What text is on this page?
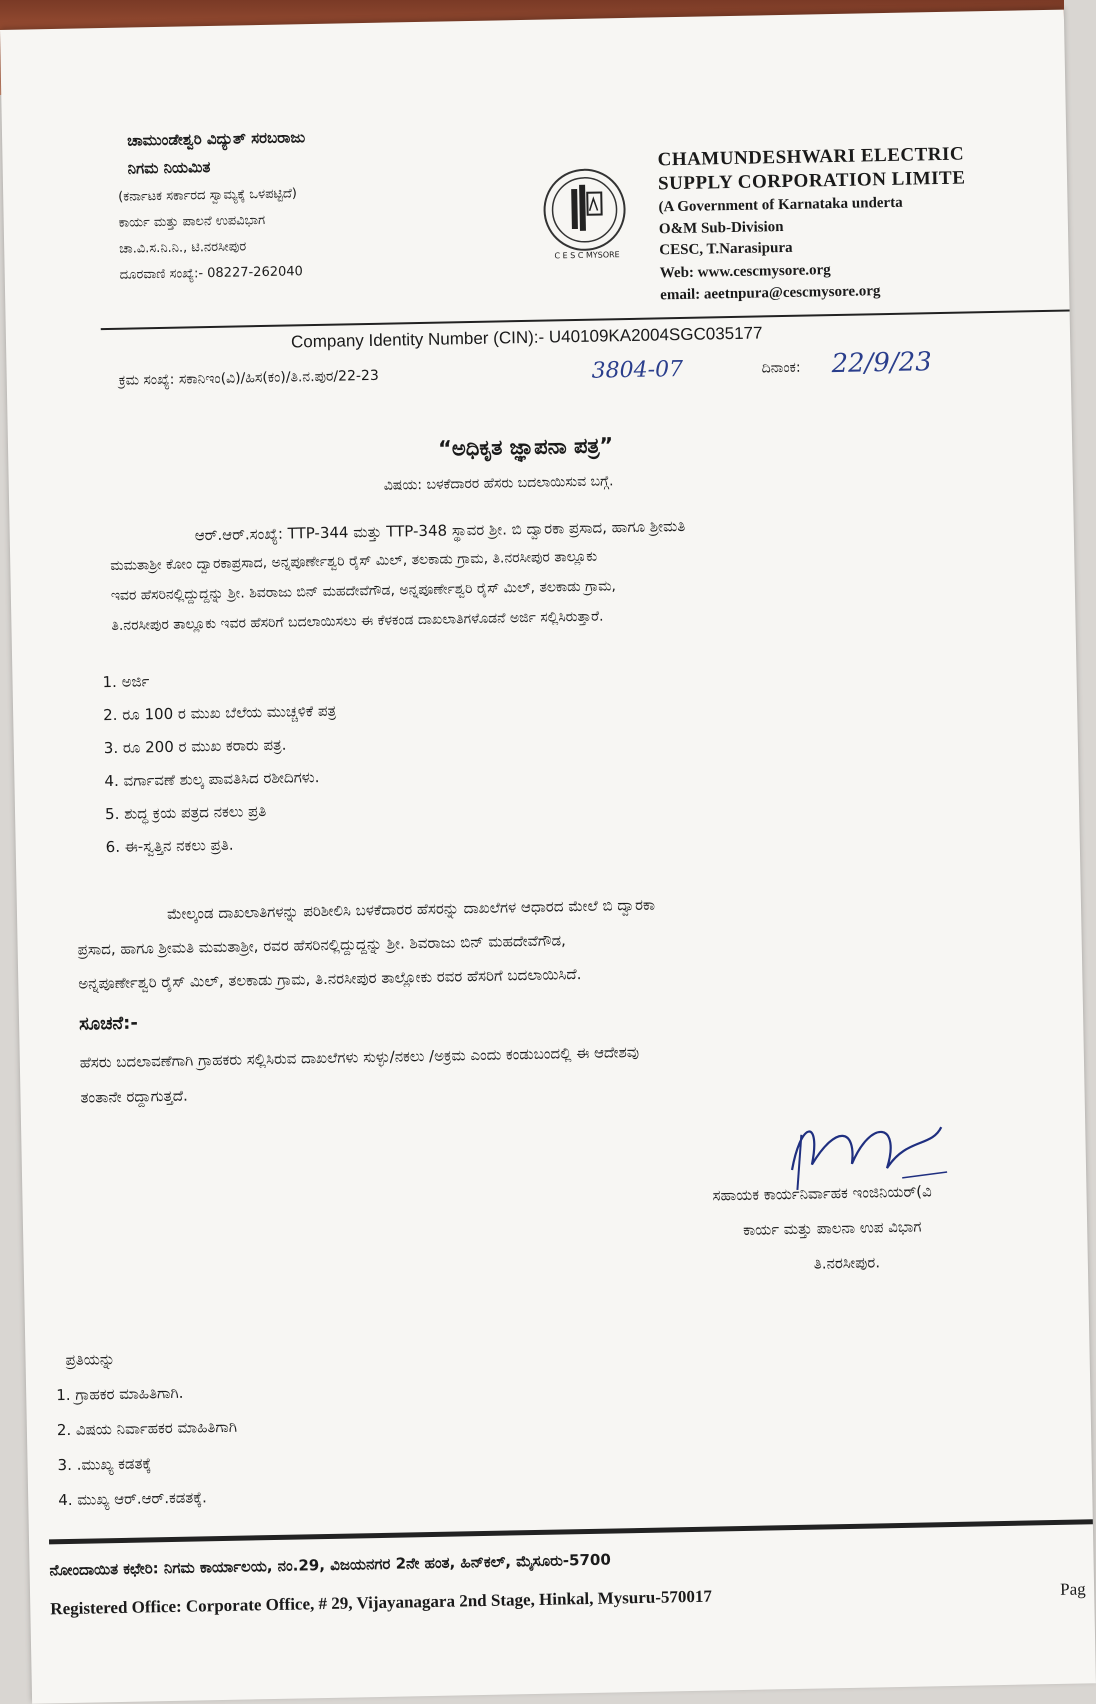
ಚಾಮುಂಡೇಶ್ವರಿ ವಿದ್ಯುತ್ ಸರಬರಾಜು
ನಿಗಮ ನಿಯಮಿತ
(ಕರ್ನಾಟಕ ಸರ್ಕಾರದ ಸ್ವಾಮ್ಯಕ್ಕೆ ಒಳಪಟ್ಟಿದೆ)
ಕಾರ್ಯ ಮತ್ತು ಪಾಲನೆ ಉಪವಿಭಾಗ
ಚಾ.ವಿ.ಸ.ನಿ.ನಿ., ಟಿ.ನರಸೀಪುರ
ದೂರವಾಣಿ ಸಂಖ್ಯೆ:- 08227-262040
C E S C MYSORE
CHAMUNDESHWARI ELECTRIC
SUPPLY CORPORATION LIMITE
(A Government of Karnataka underta
O&M Sub-Division
CESC, T.Narasipura
Web: www.cescmysore.org
email: aeetnpura@cescmysore.org
Company Identity Number (CIN):- U40109KA2004SGC035177
ಕ್ರಮ ಸಂಖ್ಯೆ: ಸಕಾನಿಇಂ(ವಿ)/ಹಿಸ(ಕಂ)/ತಿ.ನ.ಪುರ/22-23	3804-07	ದಿನಾಂಕ: 22/9/23
“ಅಧಿಕೃತ ಜ್ಞಾಪನಾ ಪತ್ರ”
ವಿಷಯ: ಬಳಕೆದಾರರ ಹೆಸರು ಬದಲಾಯಿಸುವ ಬಗ್ಗೆ.
ಆರ್.ಆರ್.ಸಂಖ್ಯೆ: TTP-344 ಮತ್ತು TTP-348 ಸ್ಥಾವರ ಶ್ರೀ. ಬಿ ದ್ವಾರಕಾ ಪ್ರಸಾದ, ಹಾಗೂ ಶ್ರೀಮತಿ
ಮಮತಾಶ್ರೀ ಕೋಂ ದ್ವಾರಕಾಪ್ರಸಾದ, ಅನ್ನಪೂರ್ಣೇಶ್ವರಿ ರೈಸ್ ಮಿಲ್, ತಲಕಾಡು ಗ್ರಾಮ, ತಿ.ನರಸೀಪುರ ತಾಲ್ಲೂಕು
ಇವರ ಹೆಸರಿನಲ್ಲಿದ್ದುದ್ದನ್ನು ಶ್ರೀ. ಶಿವರಾಜು ಬಿನ್ ಮಹದೇವೆಗೌಡ, ಅನ್ನಪೂರ್ಣೇಶ್ವರಿ ರೈಸ್ ಮಿಲ್, ತಲಕಾಡು ಗ್ರಾಮ,
ತಿ.ನರಸೀಪುರ ತಾಲ್ಲೂಕು ಇವರ ಹೆಸರಿಗೆ ಬದಲಾಯಿಸಲು ಈ ಕೆಳಕಂಡ ದಾಖಲಾತಿಗಳೊಡನೆ ಅರ್ಜಿ ಸಲ್ಲಿಸಿರುತ್ತಾರೆ.
1. ಅರ್ಜಿ
2. ರೂ 100 ರ ಮುಖ ಬೆಲೆಯ ಮುಚ್ಚಳಿಕೆ ಪತ್ರ
3. ರೂ 200 ರ ಮುಖ ಕರಾರು ಪತ್ರ.
4. ವರ್ಗಾವಣೆ ಶುಲ್ಕ ಪಾವತಿಸಿದ ರಶೀದಿಗಳು.
5. ಶುದ್ಧ ಕ್ರಯ ಪತ್ರದ ನಕಲು ಪ್ರತಿ
6. ಈ-ಸ್ವತ್ತಿನ ನಕಲು ಪ್ರತಿ.
ಮೇಲ್ಕಂಡ ದಾಖಲಾತಿಗಳನ್ನು ಪರಿಶೀಲಿಸಿ ಬಳಕೆದಾರರ ಹೆಸರನ್ನು ದಾಖಲೆಗಳ ಆಧಾರದ ಮೇಲೆ ಬಿ ದ್ವಾರಕಾ
ಪ್ರಸಾದ, ಹಾಗೂ ಶ್ರೀಮತಿ ಮಮತಾಶ್ರೀ, ರವರ ಹೆಸರಿನಲ್ಲಿದ್ದುದ್ದನ್ನು ಶ್ರೀ. ಶಿವರಾಜು ಬಿನ್ ಮಹದೇವೆಗೌಡ,
ಅನ್ನಪೂರ್ಣೇಶ್ವರಿ ರೈಸ್ ಮಿಲ್, ತಲಕಾಡು ಗ್ರಾಮ, ತಿ.ನರಸೀಪುರ ತಾಲ್ಲೋಕು ರವರ ಹೆಸರಿಗೆ ಬದಲಾಯಿಸಿದೆ.
ಸೂಚನೆ:-
ಹೆಸರು ಬದಲಾವಣೆಗಾಗಿ ಗ್ರಾಹಕರು ಸಲ್ಲಿಸಿರುವ ದಾಖಲೆಗಳು ಸುಳ್ಳು/ನಕಲು /ಅಕ್ರಮ ಎಂದು ಕಂಡುಬಂದಲ್ಲಿ ಈ ಆದೇಶವು
ತಂತಾನೇ ರದ್ದಾಗುತ್ತದೆ.
ಸಹಾಯಕ ಕಾರ್ಯನಿರ್ವಾಹಕ ಇಂಜಿನಿಯರ್(ವಿ
ಕಾರ್ಯ ಮತ್ತು ಪಾಲನಾ ಉಪ ವಿಭಾಗ
ತಿ.ನರಸೀಪುರ.
ಪ್ರತಿಯನ್ನು
1. ಗ್ರಾಹಕರ ಮಾಹಿತಿಗಾಗಿ.
2. ವಿಷಯ ನಿರ್ವಾಹಕರ ಮಾಹಿತಿಗಾಗಿ
3. .ಮುಖ್ಯ ಕಡತಕ್ಕೆ
4. ಮುಖ್ಯ ಆರ್.ಆರ್.ಕಡತಕ್ಕೆ.
ನೋಂದಾಯಿತ ಕಛೇರಿ: ನಿಗಮ ಕಾರ್ಯಾಲಯ, ನಂ.29, ವಿಜಯನಗರ 2ನೇ ಹಂತ, ಹಿನ್‌ಕಲ್, ಮೈಸೂರು-5700
Registered Office: Corporate Office, # 29, Vijayanagara 2nd Stage, Hinkal, Mysuru-570017	Pag
